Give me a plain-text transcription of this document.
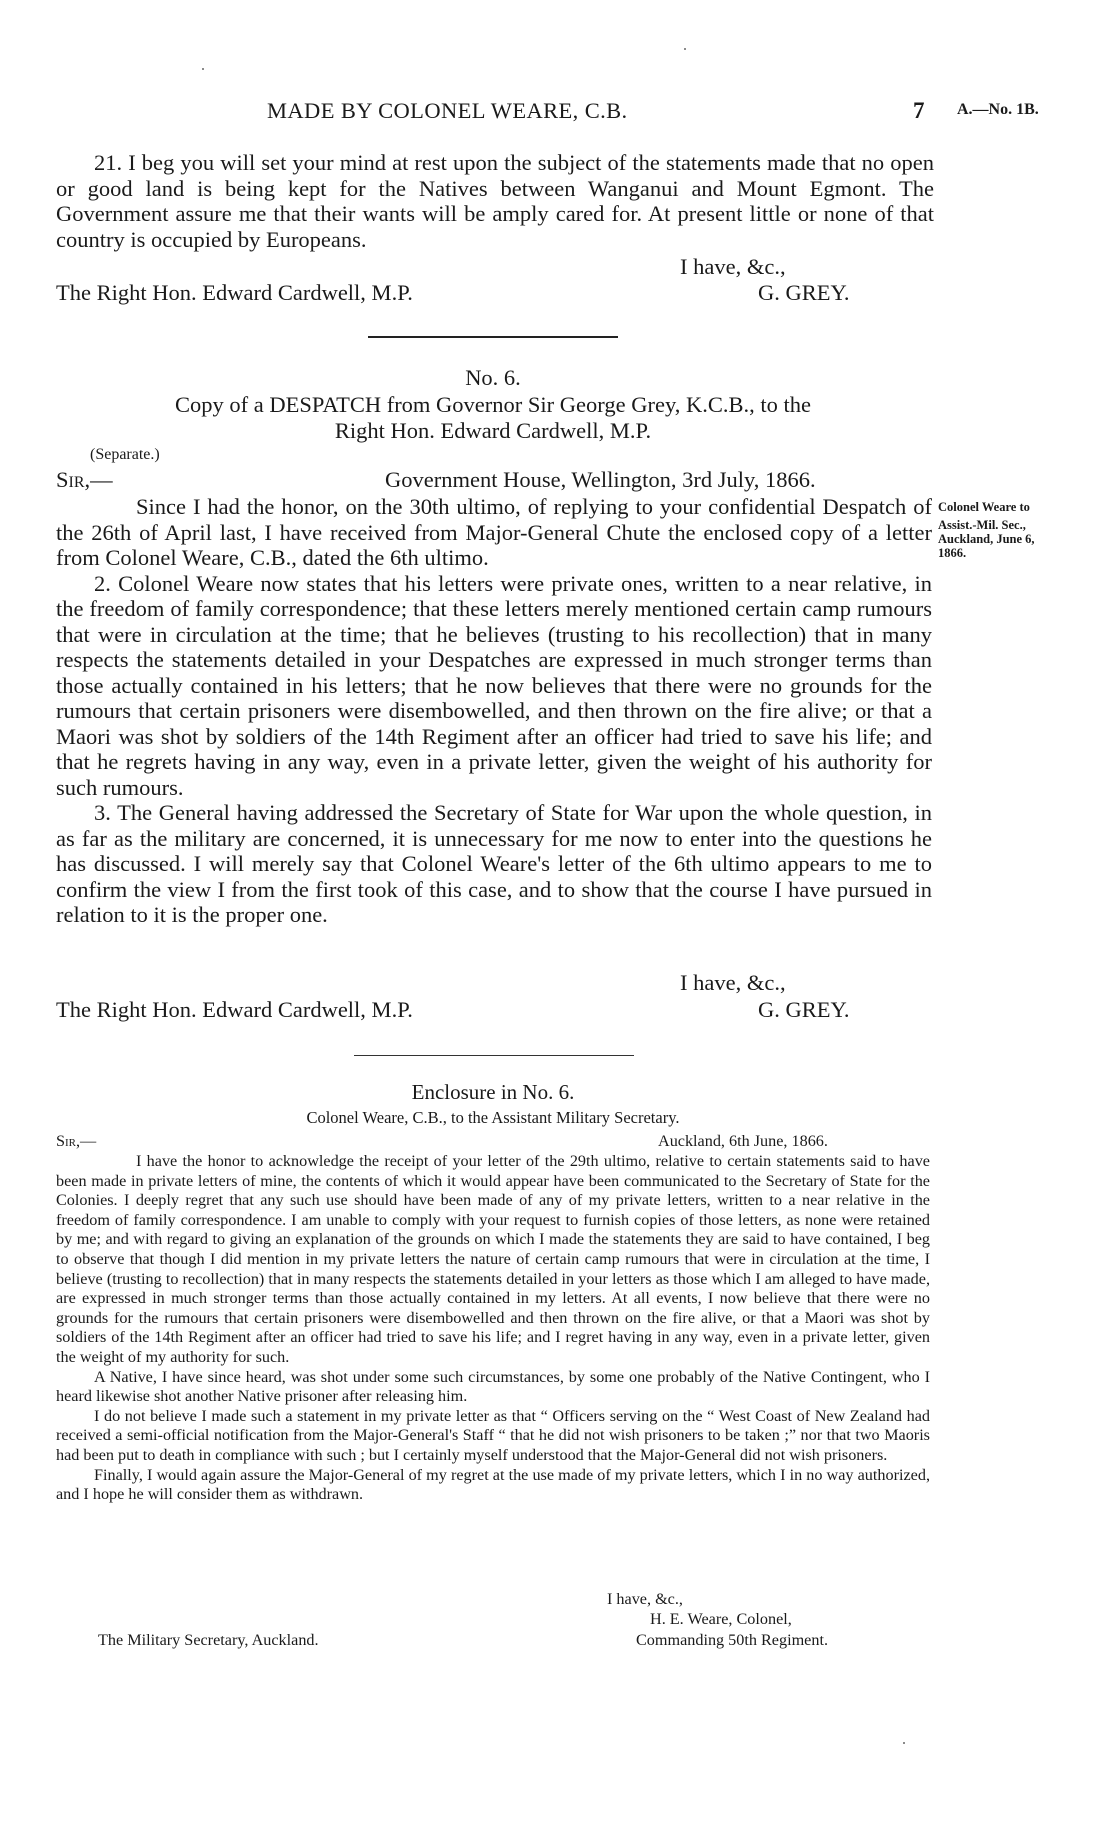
MADE BY COLONEL WEARE, C.B.	7 A.—No. 1B.

21. I beg you will set your mind at rest upon the subject of the statements made that no open or good land is being kept for the Natives between Wanganui and Mount Egmont. The Government assure me that their wants will be amply cared for. At present little or none of that country is occupied by Europeans.

I have, &c.,
The Right Hon. Edward Cardwell, M.P.	G. GREY.
No. 6.
Copy of a DESPATCH from Governor Sir George Grey, K.C.B., to the
Right Hon. Edward Cardwell, M.P.
(Separate.)
Sir,—	Government House, Wellington, 3rd July, 1866.

Since I had the honor, on the 30th ultimo, of replying to your confidential Despatch of the 26th of April last, I have received from Major-General Chute the enclosed copy of a letter from Colonel Weare, C.B., dated the 6th ultimo.

2. Colonel Weare now states that his letters were private ones, written to a near relative, in the freedom of family correspondence; that these letters merely mentioned certain camp rumours that were in circulation at the time; that he believes (trusting to his recollection) that in many respects the statements detailed in your Despatches are expressed in much stronger terms than those actually contained in his letters; that he now believes that there were no grounds for the rumours that certain prisoners were disembowelled, and then thrown on the fire alive; or that a Maori was shot by soldiers of the 14th Regiment after an officer had tried to save his life; and that he regrets having in any way, even in a private letter, given the weight of his authority for such rumours.

3. The General having addressed the Secretary of State for War upon the whole question, in as far as the military are concerned, it is unnecessary for me now to enter into the questions he has discussed. I will merely say that Colonel Weare's letter of the 6th ultimo appears to me to confirm the view I from the first took of this case, and to show that the course I have pursued in relation to it is the proper one.

Colonel Weare to
Assist.-Mil. Sec.,
Auckland, June 6,
1866.
I have, &c.,
The Right Hon. Edward Cardwell, M.P.	G. GREY.
Enclosure in No. 6.
Colonel Weare, C.B., to the Assistant Military Secretary.
Sir,—	Auckland, 6th June, 1866.

I have the honor to acknowledge the receipt of your letter of the 29th ultimo, relative to certain statements said to have been made in private letters of mine, the contents of which it would appear have been communicated to the Secretary of State for the Colonies. I deeply regret that any such use should have been made of any of my private letters, written to a near relative in the freedom of family correspondence. I am unable to comply with your request to furnish copies of those letters, as none were retained by me; and with regard to giving an explanation of the grounds on which I made the statements they are said to have contained, I beg to observe that though I did mention in my private letters the nature of certain camp rumours that were in circulation at the time, I believe (trusting to recollection) that in many respects the statements detailed in your letters as those which I am alleged to have made, are expressed in much stronger terms than those actually contained in my letters. At all events, I now believe that there were no grounds for the rumours that certain prisoners were disembowelled and then thrown on the fire alive, or that a Maori was shot by soldiers of the 14th Regiment after an officer had tried to save his life; and I regret having in any way, even in a private letter, given the weight of my authority for such.

A Native, I have since heard, was shot under some such circumstances, by some one probably of the Native Contingent, who I heard likewise shot another Native prisoner after releasing him.

I do not believe I made such a statement in my private letter as that “ Officers serving on the “ West Coast of New Zealand had received a semi-official notification from the Major-General's Staff “ that he did not wish prisoners to be taken ;” nor that two Maoris had been put to death in compliance with such ; but I certainly myself understood that the Major-General did not wish prisoners.

Finally, I would again assure the Major-General of my regret at the use made of my private letters, which I in no way authorized, and I hope he will consider them as withdrawn.

I have, &c.,
H. E. Weare, Colonel,
The Military Secretary, Auckland.	Commanding 50th Regiment.
